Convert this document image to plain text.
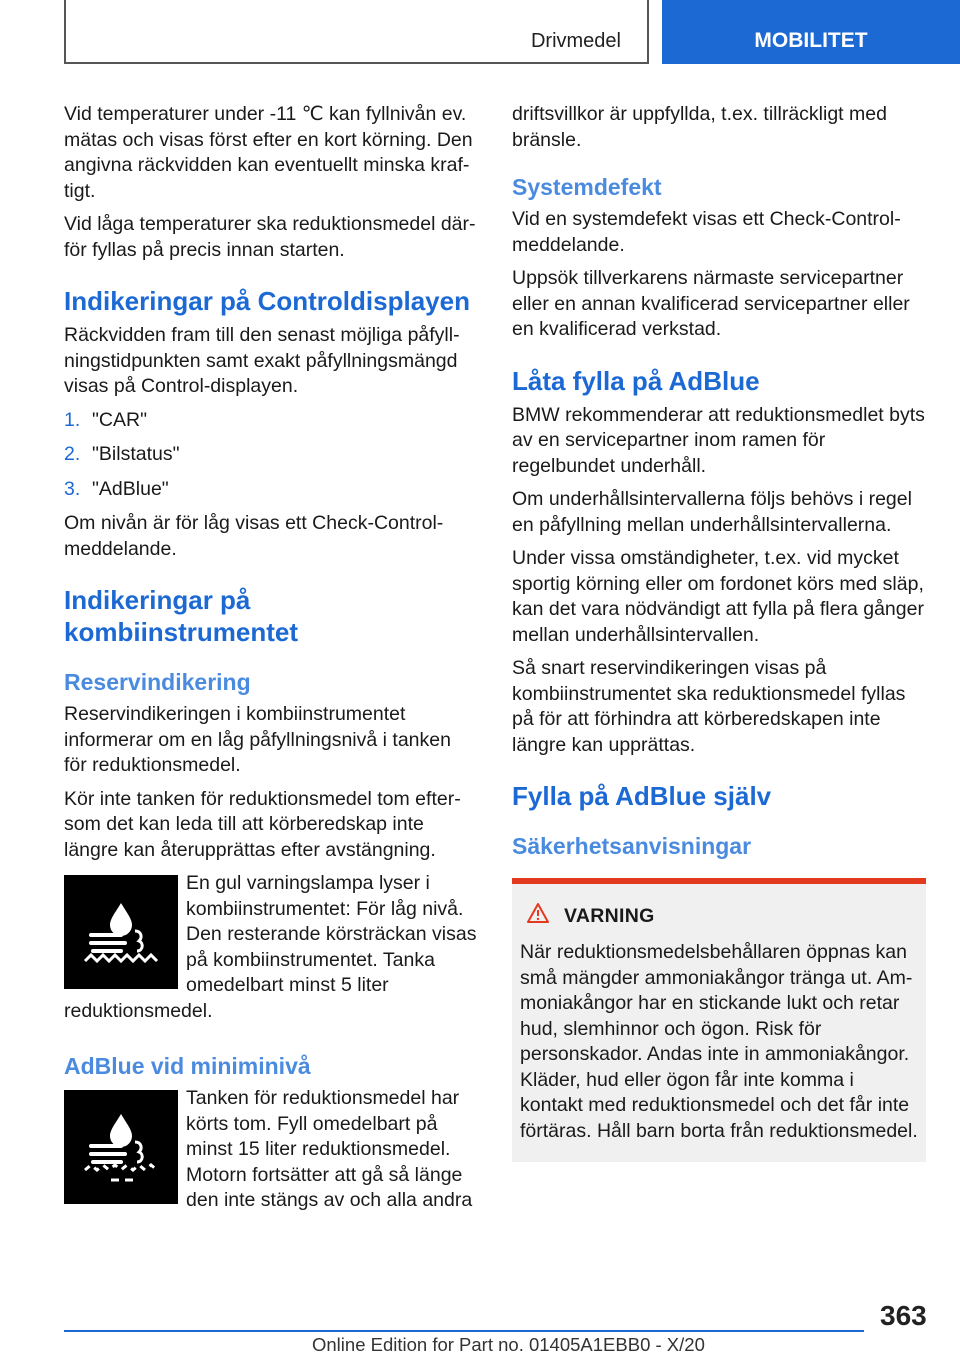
Drivmedel	MOBILITET

Vid temperaturer under -11 ℃ kan fyllnivån ev. mätas och visas först efter en kort körning. Den angivna räckvidden kan eventuellt minska kraftigt.

Vid låga temperaturer ska reduktionsmedel därför fyllas på precis innan starten.

Indikeringar på Controldisplayen

Räckvidden fram till den senast möjliga påfyllningstidpunkten samt exakt påfyllningsmängd visas på Control-displayen.

1. "CAR"
2. "Bilstatus"
3. "AdBlue"

Om nivån är för låg visas ett Check-Control-meddelande.

Indikeringar på kombiinstrumentet
Reservindikering

Reservindikeringen i kombiinstrumentet informerar om en låg påfyllningsnivå i tanken för reduktionsmedel.

Kör inte tanken för reduktionsmedel tom eftersom det kan leda till att körberedskap inte längre kan återupprättas efter avstängning.

En gul varningslampa lyser i kombiinstrumentet: För låg nivå. Den resterande körsträckan visas på kombiinstrumentet. Tanka omedelbart minst 5 liter reduktionsmedel.

AdBlue vid miniminivå

Tanken för reduktionsmedel har körts tom. Fyll omedelbart på minst 15 liter reduktionsmedel. Motorn fortsätter att gå så länge den inte stängs av och alla andra

driftsvillkor är uppfyllda, t.ex. tillräckligt med bränsle.

Systemdefekt

Vid en systemdefekt visas ett Check-Control-meddelande.

Uppsök tillverkarens närmaste servicepartner eller en annan kvalificerad servicepartner eller en kvalificerad verkstad.

Låta fylla på AdBlue

BMW rekommenderar att reduktionsmedlet byts av en servicepartner inom ramen för regelbundet underhåll.

Om underhållsintervallerna följs behövs i regel en påfyllning mellan underhållsintervallerna.

Under vissa omständigheter, t.ex. vid mycket sportig körning eller om fordonet körs med släp, kan det vara nödvändigt att fylla på flera gånger mellan underhållsintervallen.

Så snart reservindikeringen visas på kombiinstrumentet ska reduktionsmedel fyllas på för att förhindra att körberedskapen inte längre kan upprättas.

Fylla på AdBlue själv
Säkerhetsanvisningar
VARNING

När reduktionsmedelsbehållaren öppnas kan små mängder ammoniakångor tränga ut. Ammoniakångor har en stickande lukt och retar hud, slemhinnor och ögon. Risk för personskador. Andas inte in ammoniakångor. Kläder, hud eller ögon får inte komma i kontakt med reduktionsmedel och det får inte förtäras. Håll barn borta från reduktionsmedel.

363
Online Edition for Part no. 01405A1EBB0 - X/20
